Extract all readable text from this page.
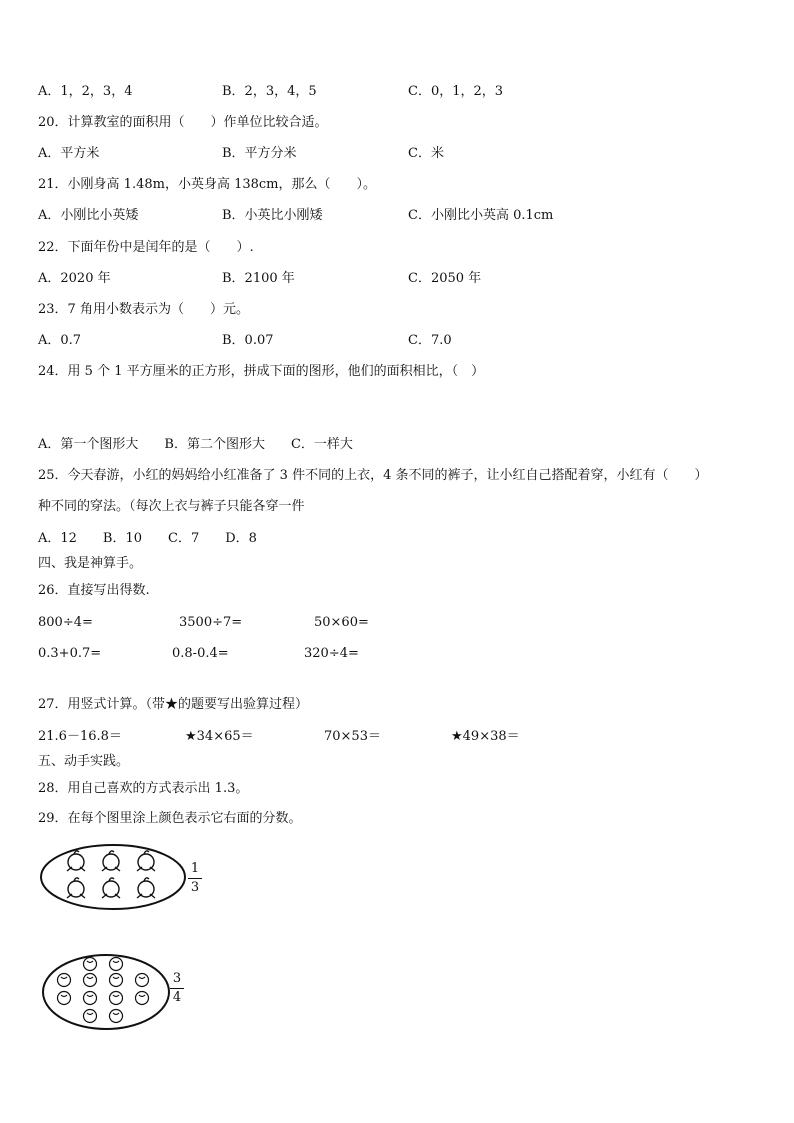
A．1，2，3，4	B．2，3，4，5	C．0，1，2，3
20．计算教室的面积用（　　）作单位比较合适。
A．平方米	B．平方分米	C．米
21．小刚身高 1.48m，小英身高 138cm，那么（　　）。
A．小刚比小英矮	B．小英比小刚矮	C．小刚比小英高 0.1cm
22．下面年份中是闰年的是（　　）.
A．2020 年	B．2100 年	C．2050 年
23．7 角用小数表示为（　　）元。
A．0.7	B．0.07	C．7.0
24．用 5 个 1 平方厘米的正方形，拼成下面的图形，他们的面积相比，（　）
A．第一个图形大　　B．第二个图形大　　C．一样大
25．今天春游，小红的妈妈给小红准备了 3 件不同的上衣，4 条不同的裤子，让小红自己搭配着穿，小红有（　　）
种不同的穿法。（每次上衣与裤子只能各穿一件
A．12　　B．10　　C．7　　D．8
四、我是神算手。
26．直接写出得数.
800÷4=	3500÷7=	50×60=
0.3+0.7=	0.8-0.4=	320÷4=
27．用竖式计算。（带★的题要写出验算过程）
21.6－16.8＝	★34×65＝	70×53＝	★49×38＝
五、动手实践。
28．用自己喜欢的方式表示出 1.3。
29．在每个图里涂上颜色表示它右面的分数。
1
3
3
4
